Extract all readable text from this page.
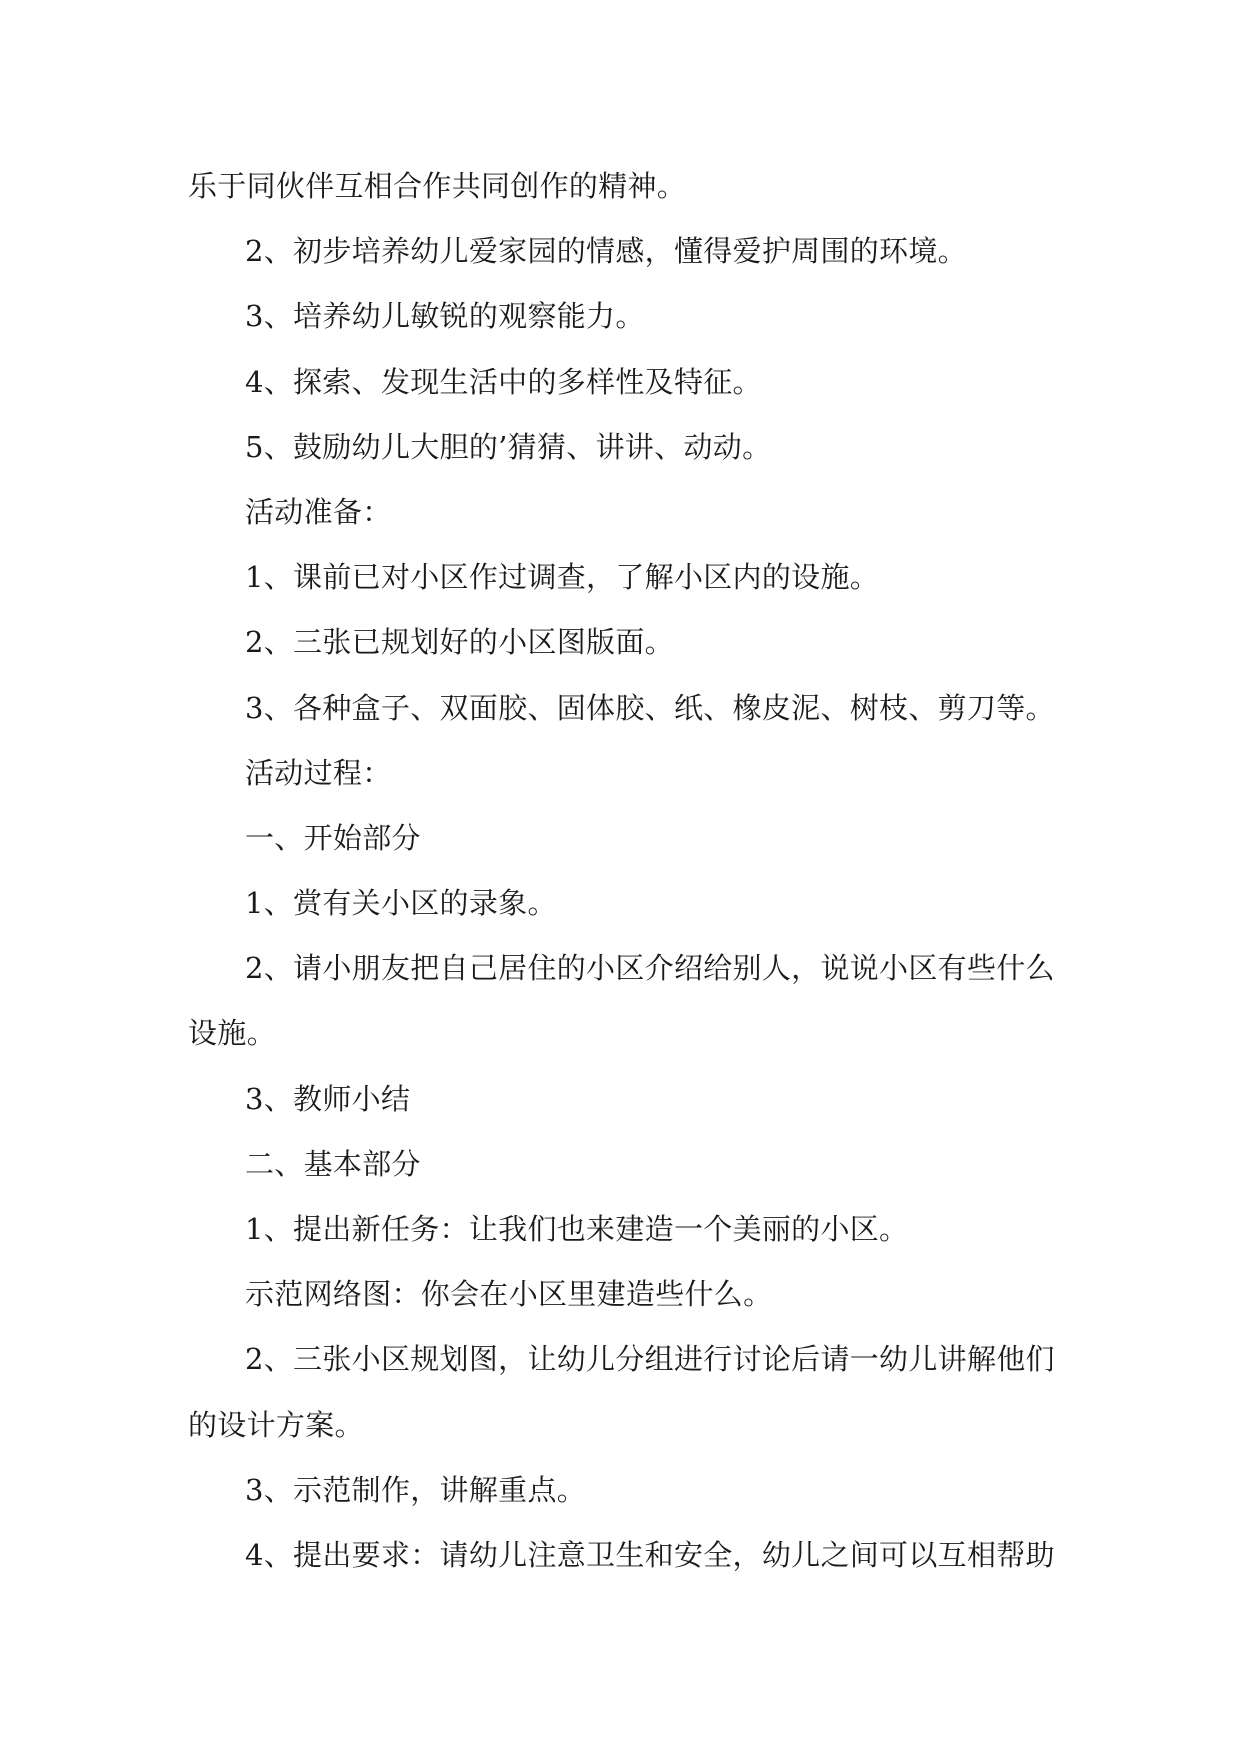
乐于同伙伴互相合作共同创作的精神。
2、初步培养幼儿爱家园的情感，懂得爱护周围的环境。
3、培养幼儿敏锐的观察能力。
4、探索、发现生活中的多样性及特征。
5、鼓励幼儿大胆的’猜猜、讲讲、动动。
活动准备：
1、课前已对小区作过调查，了解小区内的设施。
2、三张已规划好的小区图版面。
3、各种盒子、双面胶、固体胶、纸、橡皮泥、树枝、剪刀等。
活动过程：
一、开始部分
1、赏有关小区的录象。
2、请小朋友把自己居住的小区介绍给别人，说说小区有些什么
设施。
3、教师小结
二、基本部分
1、提出新任务：让我们也来建造一个美丽的小区。
示范网络图：你会在小区里建造些什么。
2、三张小区规划图，让幼儿分组进行讨论后请一幼儿讲解他们
的设计方案。
3、示范制作，讲解重点。
4、提出要求：请幼儿注意卫生和安全，幼儿之间可以互相帮助
